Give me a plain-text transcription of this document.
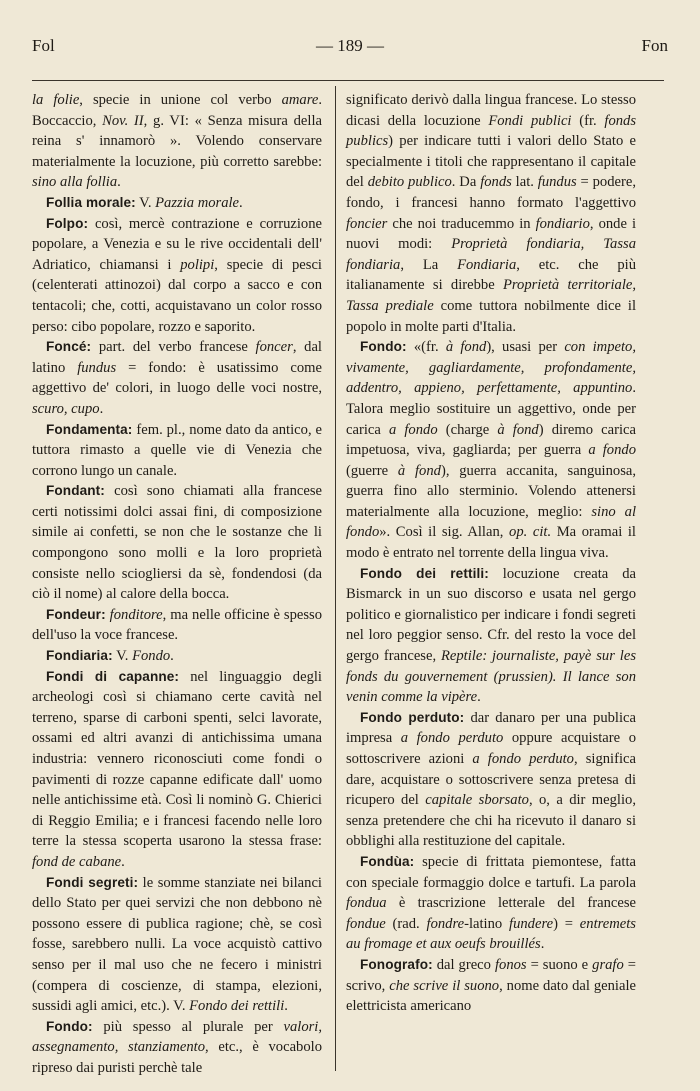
Fol	— 189 —	Fon

la folie, specie in unione col verbo amare. Boccaccio, Nov. II, g. VI: « Senza misura della reina s' innamorò ». Volendo conservare materialmente la locuzione, più corretto sarebbe: sino alla follia.

Follia morale: V. Pazzia morale.

Folpo: così, mercè contrazione e corruzione popolare, a Venezia e su le rive occidentali dell' Adriatico, chiamansi i polipi, specie di pesci (celenterati attinozoi) dal corpo a sacco e con tentacoli; che, cotti, acquistavano un color rosso perso: cibo popolare, rozzo e saporito.

Foncé: part. del verbo francese foncer, dal latino fundus = fondo: è usatissimo come aggettivo de' colori, in luogo delle voci nostre, scuro, cupo.

Fondamenta: fem. pl., nome dato da antico, e tuttora rimasto a quelle vie di Venezia che corrono lungo un canale.

Fondant: così sono chiamati alla francese certi notissimi dolci assai fini, di composizione simile ai confetti, se non che le sostanze che li compongono sono molli e la loro proprietà consiste nello sciogliersi da sè, fondendosi (da ciò il nome) al calore della bocca.

Fondeur: fonditore, ma nelle officine è spesso dell'uso la voce francese.

Fondiaria: V. Fondo.

Fondi di capanne: nel linguaggio degli archeologi così si chiamano certe cavità nel terreno, sparse di carboni spenti, selci lavorate, ossami ed altri avanzi di antichissima umana industria: vennero riconosciuti come fondi o pavimenti di rozze capanne edificate dall' uomo nelle antichissime età. Così li nominò G. Chierici di Reggio Emilia; e i francesi facendo nelle loro terre la stessa scoperta usarono la stessa frase: fond de cabane.

Fondi segreti: le somme stanziate nei bilanci dello Stato per quei servizi che non debbono nè possono essere di publica ragione; chè, se così fosse, sarebbero nulli. La voce acquistò cattivo senso per il mal uso che ne fecero i ministri (compera di coscienze, di stampa, elezioni, sussidi agli amici, etc.). V. Fondo dei rettili.

Fondo: più spesso al plurale per valori, assegnamento, stanziamento, etc., è vocabolo ripreso dai puristi perchè tale

significato derivò dalla lingua francese. Lo stesso dicasi della locuzione Fondi publici (fr. fonds publics) per indicare tutti i valori dello Stato e specialmente i titoli che rappresentano il capitale del debito publico. Da fonds lat. fundus = podere, fondo, i francesi hanno formato l'aggettivo foncier che noi traducemmo in fondiario, onde i nuovi modi: Proprietà fondiaria, Tassa fondiaria, La Fondiaria, etc. che più italianamente si direbbe Proprietà territoriale, Tassa prediale come tuttora nobilmente dice il popolo in molte parti d'Italia.

Fondo: «(fr. à fond), usasi per con impeto, vivamente, gagliardamente, profondamente, addentro, appieno, perfettamente, appuntino. Talora meglio sostituire un aggettivo, onde per carica a fondo (charge à fond) diremo carica impetuosa, viva, gagliarda; per guerra a fondo (guerre à fond), guerra accanita, sanguinosa, guerra fino allo sterminio. Volendo attenersi materialmente alla locuzione, meglio: sino al fondo». Così il sig. Allan, op. cit. Ma oramai il modo è entrato nel torrente della lingua viva.

Fondo dei rettili: locuzione creata da Bismarck in un suo discorso e usata nel gergo politico e giornalistico per indicare i fondi segreti nel loro peggior senso. Cfr. del resto la voce del gergo francese, Reptile: journaliste, payè sur les fonds du gouvernement (prussien). Il lance son venin comme la vipère.

Fondo perduto: dar danaro per una publica impresa a fondo perduto oppure acquistare o sottoscrivere azioni a fondo perduto, significa dare, acquistare o sottoscrivere senza pretesa di ricupero del capitale sborsato, o, a dir meglio, senza pretendere che chi ha ricevuto il danaro si obblighi alla restituzione del capitale.

Fondùa: specie di frittata piemontese, fatta con speciale formaggio dolce e tartufi. La parola fondua è trascrizione letterale del francese fondue (rad. fondre-latino fundere) = entremets au fromage et aux oeufs brouillés.

Fonografo: dal greco fonos = suono e grafo = scrivo, che scrive il suono, nome dato dal geniale elettricista americano
